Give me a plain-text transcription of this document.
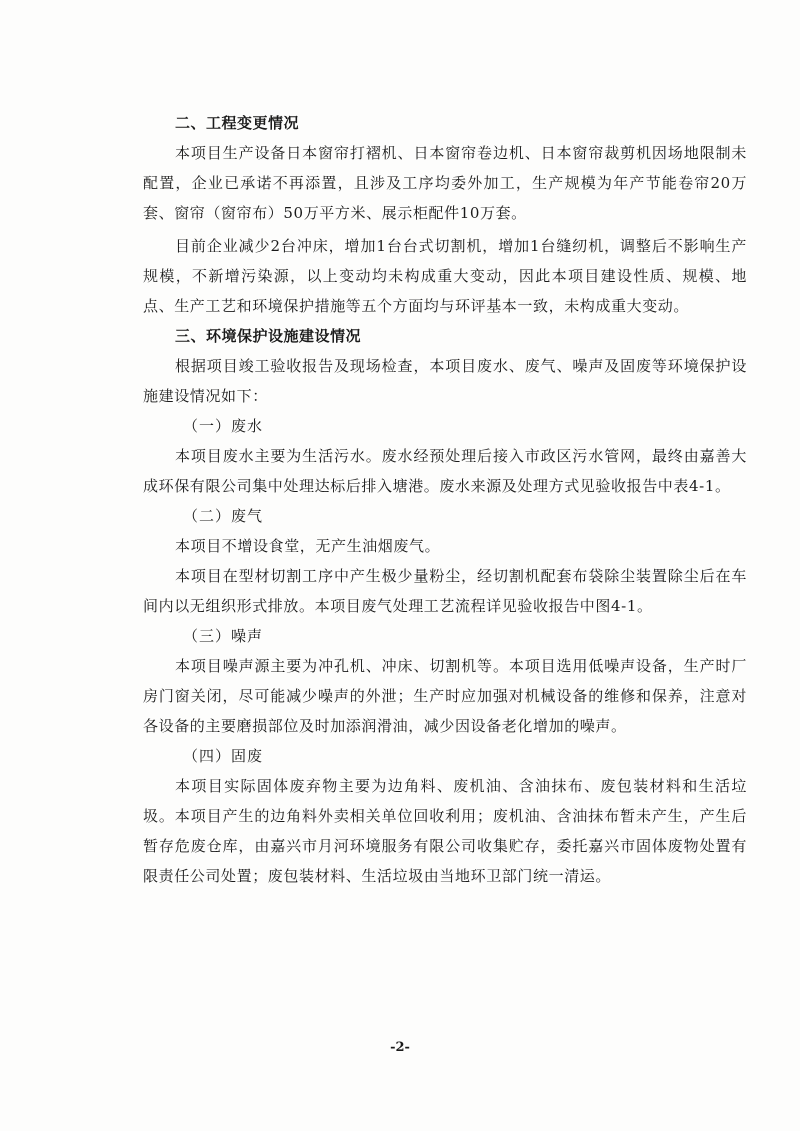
二、工程变更情况

本项目生产设备日本窗帘打褶机、日本窗帘卷边机、日本窗帘裁剪机因场地限制未配置，企业已承诺不再添置，且涉及工序均委外加工，生产规模为年产节能卷帘20万套、窗帘（窗帘布）50万平方米、展示柜配件10万套。

目前企业减少2台冲床，增加1台台式切割机，增加1台缝纫机，调整后不影响生产规模，不新增污染源，以上变动均未构成重大变动，因此本项目建设性质、规模、地点、生产工艺和环境保护措施等五个方面均与环评基本一致，未构成重大变动。

三、环境保护设施建设情况

根据项目竣工验收报告及现场检查，本项目废水、废气、噪声及固废等环境保护设施建设情况如下：

（一）废水

本项目废水主要为生活污水。废水经预处理后接入市政区污水管网，最终由嘉善大成环保有限公司集中处理达标后排入塘港。废水来源及处理方式见验收报告中表4-1。

（二）废气

本项目不增设食堂，无产生油烟废气。

本项目在型材切割工序中产生极少量粉尘，经切割机配套布袋除尘装置除尘后在车间内以无组织形式排放。本项目废气处理工艺流程详见验收报告中图4-1。

（三）噪声

本项目噪声源主要为冲孔机、冲床、切割机等。本项目选用低噪声设备，生产时厂房门窗关闭，尽可能减少噪声的外泄；生产时应加强对机械设备的维修和保养，注意对各设备的主要磨损部位及时加添润滑油，减少因设备老化增加的噪声。

（四）固废

本项目实际固体废弃物主要为边角料、废机油、含油抹布、废包装材料和生活垃圾。本项目产生的边角料外卖相关单位回收利用；废机油、含油抹布暂未产生，产生后暂存危废仓库，由嘉兴市月河环境服务有限公司收集贮存，委托嘉兴市固体废物处置有限责任公司处置；废包装材料、生活垃圾由当地环卫部门统一清运。

-2-
